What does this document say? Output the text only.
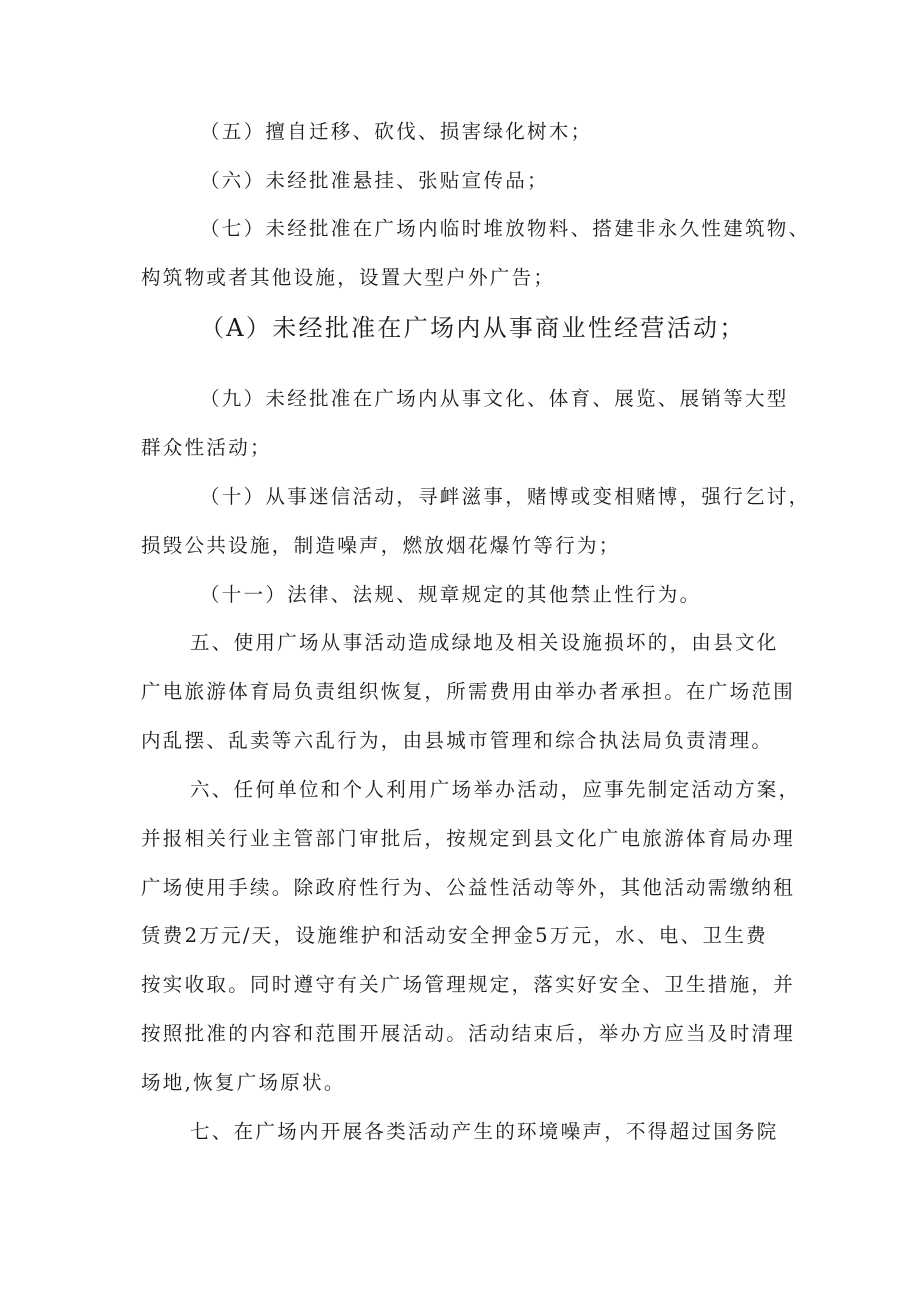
（五）擅自迁移、砍伐、损害绿化树木；
（六）未经批准悬挂、张贴宣传品；
（七）未经批准在广场内临时堆放物料、搭建非永久性建筑物、
构筑物或者其他设施，设置大型户外广告；
（A）未经批准在广场内从事商业性经营活动；
（九）未经批准在广场内从事文化、体育、展览、展销等大型
群众性活动；
（十）从事迷信活动，寻衅滋事，赌博或变相赌博，强行乞讨，
损毁公共设施，制造噪声，燃放烟花爆竹等行为；
（十一）法律、法规、规章规定的其他禁止性行为。
五、使用广场从事活动造成绿地及相关设施损坏的，由县文化
广电旅游体育局负责组织恢复，所需费用由举办者承担。在广场范围
内乱摆、乱卖等六乱行为，由县城市管理和综合执法局负责清理。
六、任何单位和个人利用广场举办活动，应事先制定活动方案，
并报相关行业主管部门审批后，按规定到县文化广电旅游体育局办理
广场使用手续。除政府性行为、公益性活动等外，其他活动需缴纳租
赁费2万元/天，设施维护和活动安全押金5万元，水、电、卫生费
按实收取。同时遵守有关广场管理规定，落实好安全、卫生措施，并
按照批准的内容和范围开展活动。活动结束后，举办方应当及时清理
场地,恢复广场原状。
七、在广场内开展各类活动产生的环境噪声，不得超过国务院
